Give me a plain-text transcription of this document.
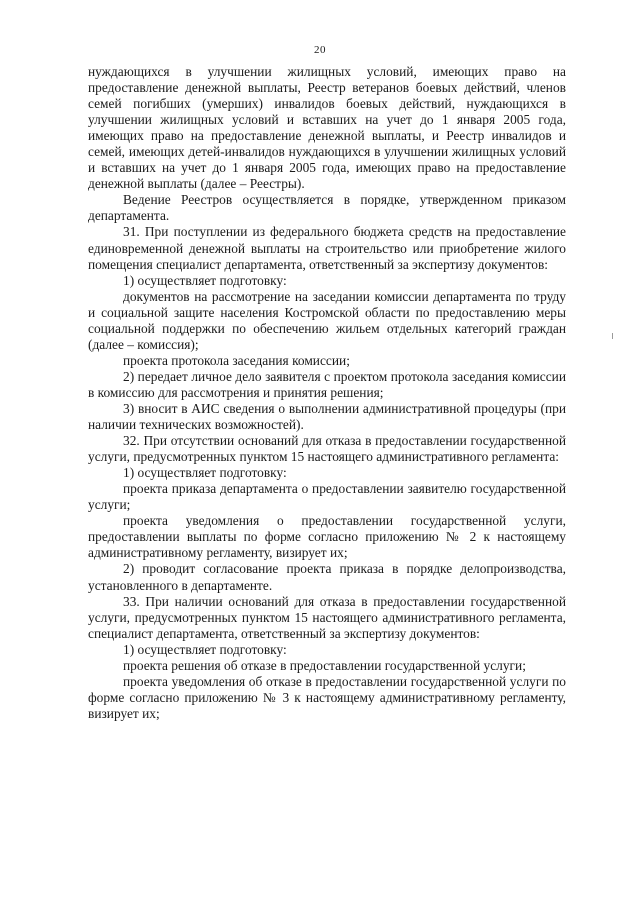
20

нуждающихся в улучшении жилищных условий, имеющих право на предоставление денежной выплаты, Реестр ветеранов боевых действий, членов семей погибших (умерших) инвалидов боевых действий, нуждающихся в улучшении жилищных условий и вставших на учет до 1 января 2005 года, имеющих право на предоставление денежной выплаты, и Реестр инвалидов и семей, имеющих детей-инвалидов нуждающихся в улучшении жилищных условий и вставших на учет до 1 января 2005 года, имеющих право на предоставление денежной выплаты (далее – Реестры).

Ведение Реестров осуществляется в порядке, утвержденном приказом департамента.

31. При поступлении из федерального бюджета средств на предоставление единовременной денежной выплаты на строительство или приобретение жилого помещения специалист департамента, ответственный за экспертизу документов:

1) осуществляет подготовку:

документов на рассмотрение на заседании комиссии департамента по труду и социальной защите населения Костромской области по предоставлению меры социальной поддержки по обеспечению жильем отдельных категорий граждан (далее – комиссия);

проекта протокола заседания комиссии;

2) передает личное дело заявителя с проектом протокола заседания комиссии в комиссию для рассмотрения и принятия решения;

3) вносит в АИС сведения о выполнении административной процедуры (при наличии технических возможностей).

32. При отсутствии оснований для отказа в предоставлении государственной услуги, предусмотренных пунктом 15 настоящего административного регламента:

1) осуществляет подготовку:

проекта приказа департамента о предоставлении заявителю государственной услуги;

проекта уведомления о предоставлении государственной услуги, предоставлении выплаты по форме согласно приложению № 2 к настоящему административному регламенту, визирует их;

2) проводит согласование проекта приказа в порядке делопроизводства, установленного в департаменте.

33. При наличии оснований для отказа в предоставлении государственной услуги, предусмотренных пунктом 15 настоящего административного регламента, специалист департамента, ответственный за экспертизу документов:

1) осуществляет подготовку:

проекта решения об отказе в предоставлении государственной услуги;

проекта уведомления об отказе в предоставлении государственной услуги по форме согласно приложению № 3 к настоящему административному регламенту, визирует их;
